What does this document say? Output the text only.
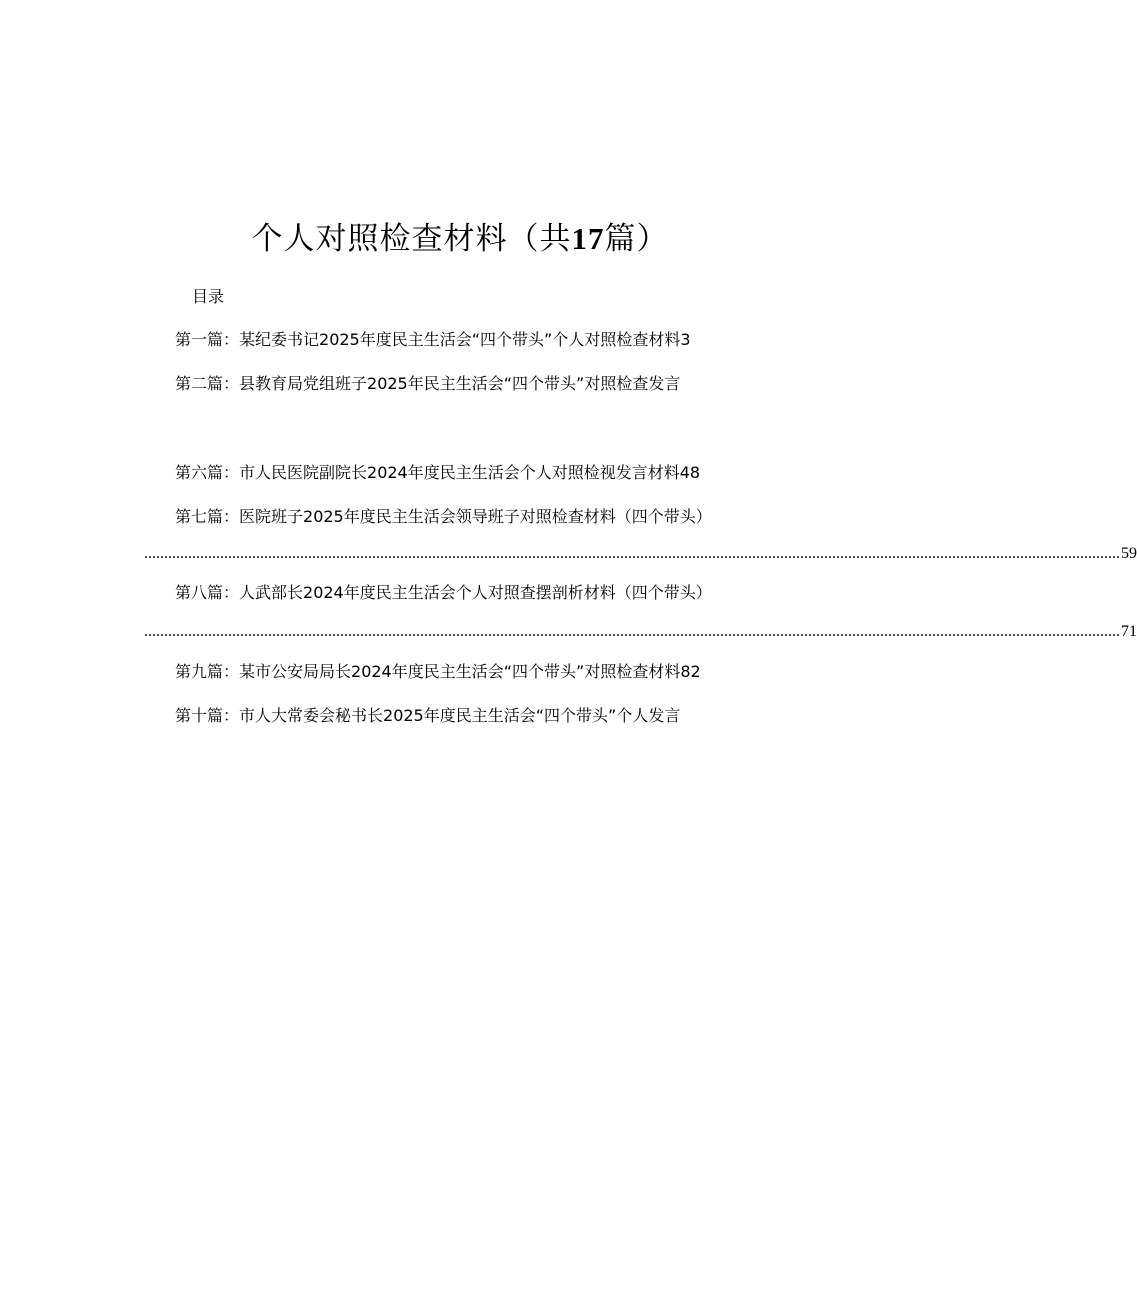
个人对照检查材料（共17篇）
目录
第一篇：某纪委书记2025年度民主生活会“四个带头”个人对照检查材料3
第二篇：县教育局党组班子2025年民主生活会“四个带头”对照检查发言
第六篇：市人民医院副院长2024年度民主生活会个人对照检视发言材料48
第七篇：医院班子2025年度民主生活会领导班子对照检查材料（四个带头）
.................................................................................................................................................................................................................................................... 59
第八篇：人武部长2024年度民主生活会个人对照查摆剖析材料（四个带头）
.................................................................................................................................................................................................................................................... 71
第九篇：某市公安局局长2024年度民主生活会“四个带头”对照检查材料82
第十篇：市人大常委会秘书长2025年度民主生活会“四个带头”个人发言
